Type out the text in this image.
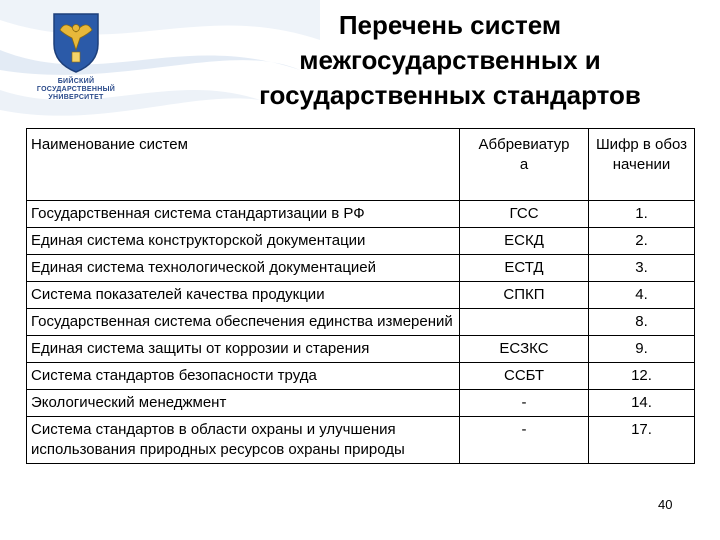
БИЙСКИЙ
ГОСУДАРСТВЕННЫЙ
УНИВЕРСИТЕТ
Перечень систем
межгосударственных и
государственных стандартов
Наименование систем	Аббревиатура	Шифр в обозначении
Государственная система стандартизации в РФ	ГСС	1.
Единая система конструкторской документации	ЕСКД	2.
Единая система технологической документацией	ЕСТД	3.
Система показателей качества продукции	СПКП	4.
Государственная система обеспечения единства измерений		8.
Единая система защиты от коррозии и старения	ЕСЗКС	9.
Система стандартов безопасности труда	ССБТ	12.
Экологический менеджмент	-	14.
Система стандартов в области охраны и улучшения использования природных ресурсов охраны природы	-	17.
40
